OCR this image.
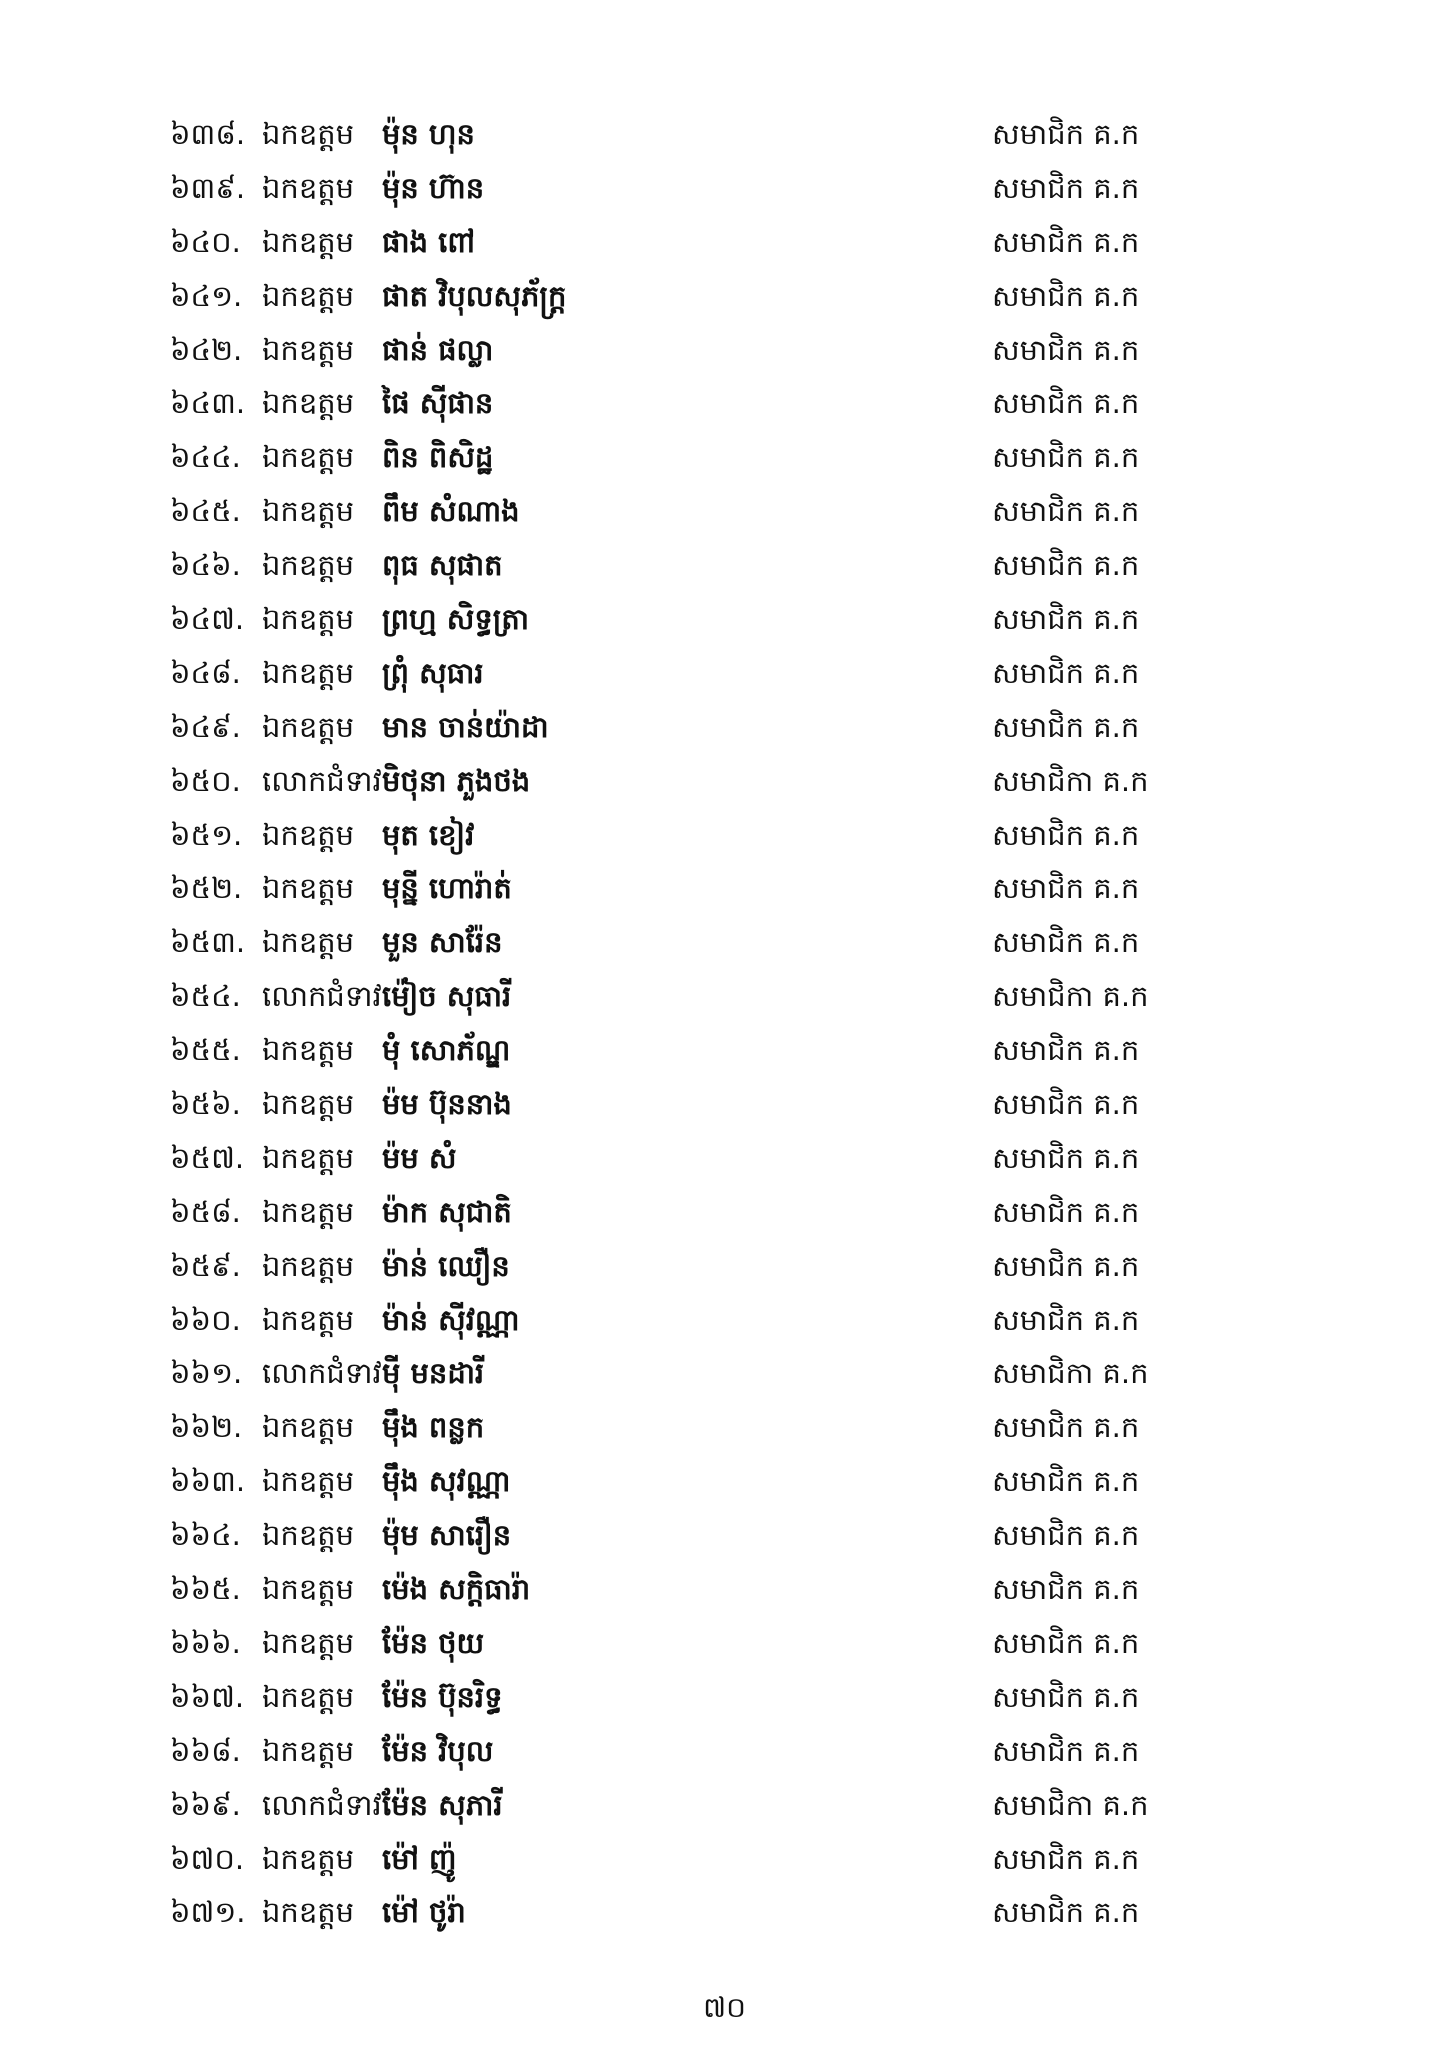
៦៣៨. ឯកឧត្តម ម៉ុន ហុន	សមាជិក គ.ក
៦៣៩. ឯកឧត្តម ម៉ុន ហ៊ាន	សមាជិក គ.ក
៦៤០. ឯកឧត្តម ផាង ពៅ	សមាជិក គ.ក
៦៤១. ឯកឧត្តម ផាត វិបុលសុភ័ក្រ្ត	សមាជិក គ.ក
៦៤២. ឯកឧត្តម ផាន់ ផល្លា	សមាជិក គ.ក
៦៤៣. ឯកឧត្តម ផៃ ស៊ីផាន	សមាជិក គ.ក
៦៤៤. ឯកឧត្តម ពិន ពិសិដ្ឋ	សមាជិក គ.ក
៦៤៥. ឯកឧត្តម ពឹម សំណាង	សមាជិក គ.ក
៦៤៦. ឯកឧត្តម ពុធ សុផាត	សមាជិក គ.ក
៦៤៧. ឯកឧត្តម ព្រហ្ម សិទ្ធត្រា	សមាជិក គ.ក
៦៤៨. ឯកឧត្តម ព្រុំ សុធារ	សមាជិក គ.ក
៦៤៩. ឯកឧត្តម មាន ចាន់យ៉ាដា	សមាជិក គ.ក
៦៥០. លោកជំទាវ មិថុនា ភួងថង	សមាជិកា គ.ក
៦៥១. ឯកឧត្តម មុត ខៀវ	សមាជិក គ.ក
៦៥២. ឯកឧត្តម មុន្នី ហោរ៉ាត់	សមាជិក គ.ក
៦៥៣. ឯកឧត្តម មួន សារ៉ែន	សមាជិក គ.ក
៦៥៤. លោកជំទាវ ម៉ៀច សុធារី	សមាជិកា គ.ក
៦៥៥. ឯកឧត្តម មុំ សោភ័ណ្ឌ	សមាជិក គ.ក
៦៥៦. ឯកឧត្តម ម៉ម ប៊ុននាង	សមាជិក គ.ក
៦៥៧. ឯកឧត្តម ម៉ម សំ	សមាជិក គ.ក
៦៥៨. ឯកឧត្តម ម៉ាក សុជាតិ	សមាជិក គ.ក
៦៥៩. ឯកឧត្តម ម៉ាន់ ឈឿន	សមាជិក គ.ក
៦៦០. ឯកឧត្តម ម៉ាន់ ស៊ីវណ្ណា	សមាជិក គ.ក
៦៦១. លោកជំទាវ ម៉ី មនដារី	សមាជិកា គ.ក
៦៦២. ឯកឧត្តម ម៉ឹង ពន្លក	សមាជិក គ.ក
៦៦៣. ឯកឧត្តម ម៉ឹង សុវណ្ណា	សមាជិក គ.ក
៦៦៤. ឯកឧត្តម ម៉ុម សារឿន	សមាជិក គ.ក
៦៦៥. ឯកឧត្តម ម៉េង សក្តិធារ៉ា	សមាជិក គ.ក
៦៦៦. ឯកឧត្តម ម៉ែន ថុយ	សមាជិក គ.ក
៦៦៧. ឯកឧត្តម ម៉ែន ប៊ុនរិទ្ធ	សមាជិក គ.ក
៦៦៨. ឯកឧត្តម ម៉ែន វិបុល	សមាជិក គ.ក
៦៦៩. លោកជំទាវ ម៉ែន សុភារី	សមាជិកា គ.ក
៦៧០. ឯកឧត្តម ម៉ៅ ញ៉ូ	សមាជិក គ.ក
៦៧១. ឯកឧត្តម ម៉ៅ ថូរ៉ា	សមាជិក គ.ក
៧០
